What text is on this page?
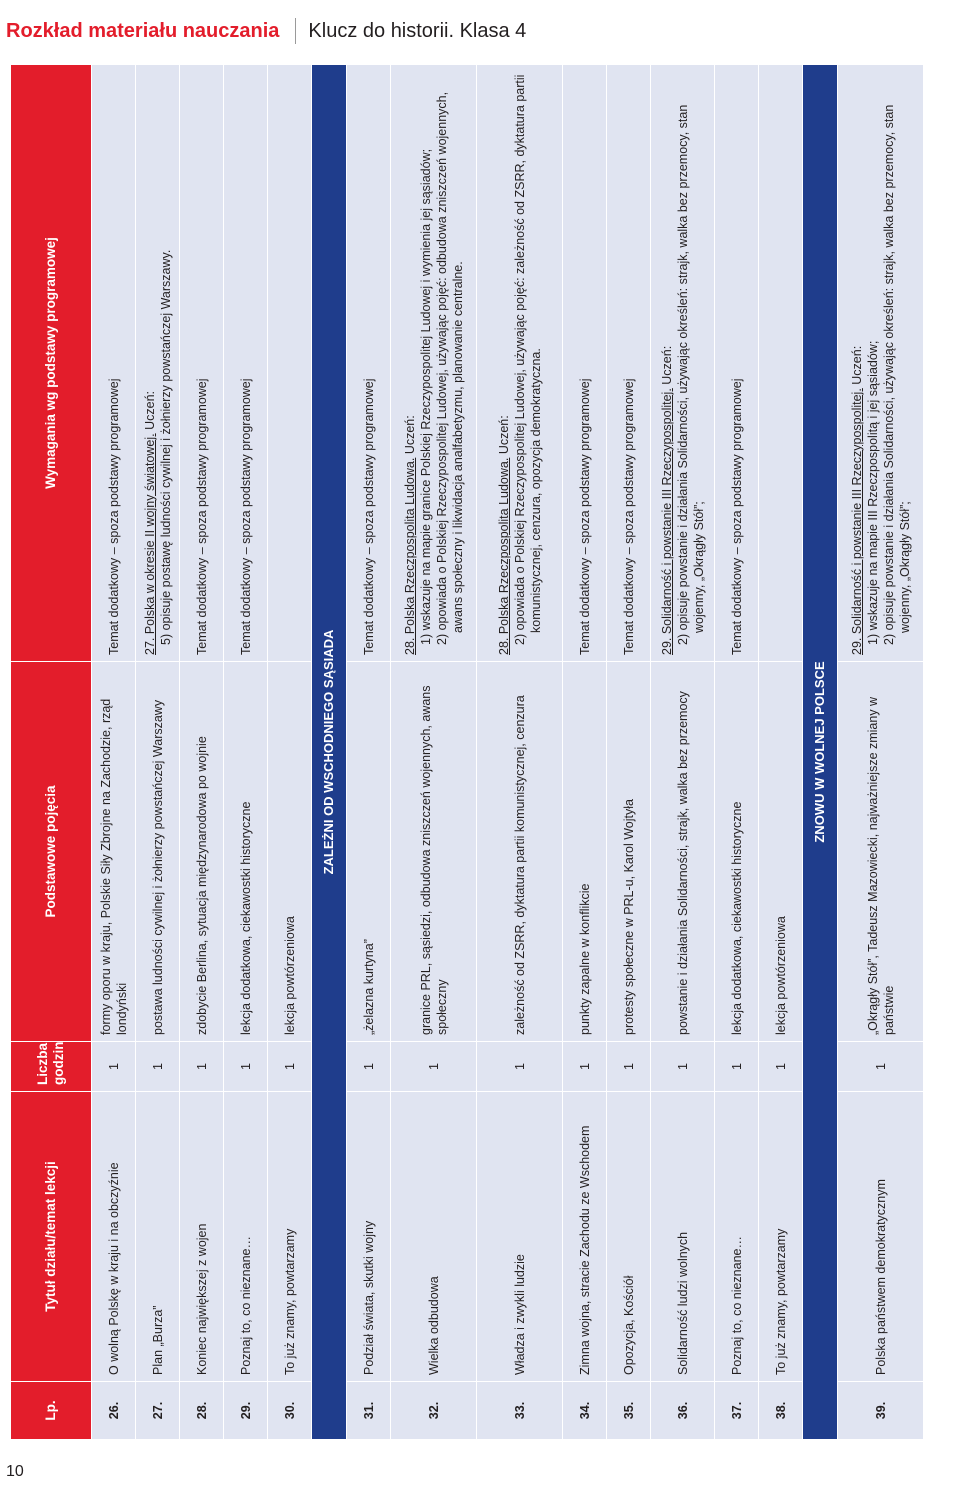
Rozkład materiału nauczania Klucz do historii. Klasa 4
Lp.	Tytuł działu/temat lekcji	Liczba godzin	Podstawowe pojęcia	Wymagania wg podstawy programowej
26.	O wolną Polskę w kraju i na obczyźnie	1	formy oporu w kraju, Polskie Siły Zbrojne na Zachodzie, rząd londyński	Temat dodatkowy – spoza podstawy programowej

27.	Plan „Burza”	1	postawa ludności cywilnej i żołnierzy powstańczej Warszawy	27. Polska w okresie II wojny światowej. Uczeń: 5) opisuje postawę ludności cywilnej i żołnierzy powstańczej Warszawy.

28.	Koniec największej z wojen	1	zdobycie Berlina, sytuacja międzynarodowa po wojnie	Temat dodatkowy – spoza podstawy programowej

29.	Poznaj to, co nieznane…	1	lekcja dodatkowa, ciekawostki historyczne	Temat dodatkowy – spoza podstawy programowej

30.	To już znamy, powtarzamy	1	lekcja powtórzeniowa	
ZALEŻNI OD WSCHODNIEGO SĄSIADA				
31.	Podział świata, skutki wojny	1	„żelazna kurtyna”	Temat dodatkowy – spoza podstawy programowej

32.	Wielka odbudowa	1	granice PRL, sąsiedzi, odbudowa zniszczeń wojennych, awans społeczny	28. Polska Rzeczpospolita Ludowa. Uczeń: 1) wskazuje na mapie granice Polskiej Rzeczypospolitej Ludowej i wymienia jej sąsiadów; 2) opowiada o Polskiej Rzeczypospolitej Ludowej, używając pojęć: odbudowa zniszczeń wojennych, awans społeczny i likwidacja analfabetyzmu, planowanie centralne.

33.	Władza i zwykli ludzie	1	zależność od ZSRR, dyktatura partii komunistycznej, cenzura	28. Polska Rzeczpospolita Ludowa. Uczeń: 2) opowiada o Polskiej Rzeczypospolitej Ludowej, używając pojęć: zależność od ZSRR, dyktatura partii komunistycznej, cenzura, opozycja demokratyczna.

34.	Zimna wojna, stracie Zachodu ze Wschodem	1	punkty zapalne w konflikcie	Temat dodatkowy – spoza podstawy programowej

35.	Opozycja, Kościół	1	protesty społeczne w PRL-u, Karol Wojtyła	Temat dodatkowy – spoza podstawy programowej

36.	Solidarność ludzi wolnych	1	powstanie i działania Solidarności, strajk, walka bez przemocy	29. Solidarność i powstanie III Rzeczypospolitej. Uczeń: 2) opisuje powstanie i działania Solidarności, używając określeń: strajk, walka bez przemocy, stan wojenny, „Okrągły Stół”;

37.	Poznaj to, co nieznane…	1	lekcja dodatkowa, ciekawostki historyczne	Temat dodatkowy – spoza podstawy programowej

38.	To już znamy, powtarzamy	1	lekcja powtórzeniowa	
ZNOWU W WOLNEJ POLSCE				
39.	Polska państwem demokratycznym	1	„Okrągły Stół”, Tadeusz Mazowiecki, najważniejsze zmiany w państwie	29. Solidarność i powstanie III Rzeczypospolitej. Uczeń: 1) wskazuje na mapie III Rzeczpospolitą i jej sąsiadów; 2) opisuje powstanie i działania Solidarności, używając określeń: strajk, walka bez przemocy, stan wojenny, „Okrągły Stół”;
10
